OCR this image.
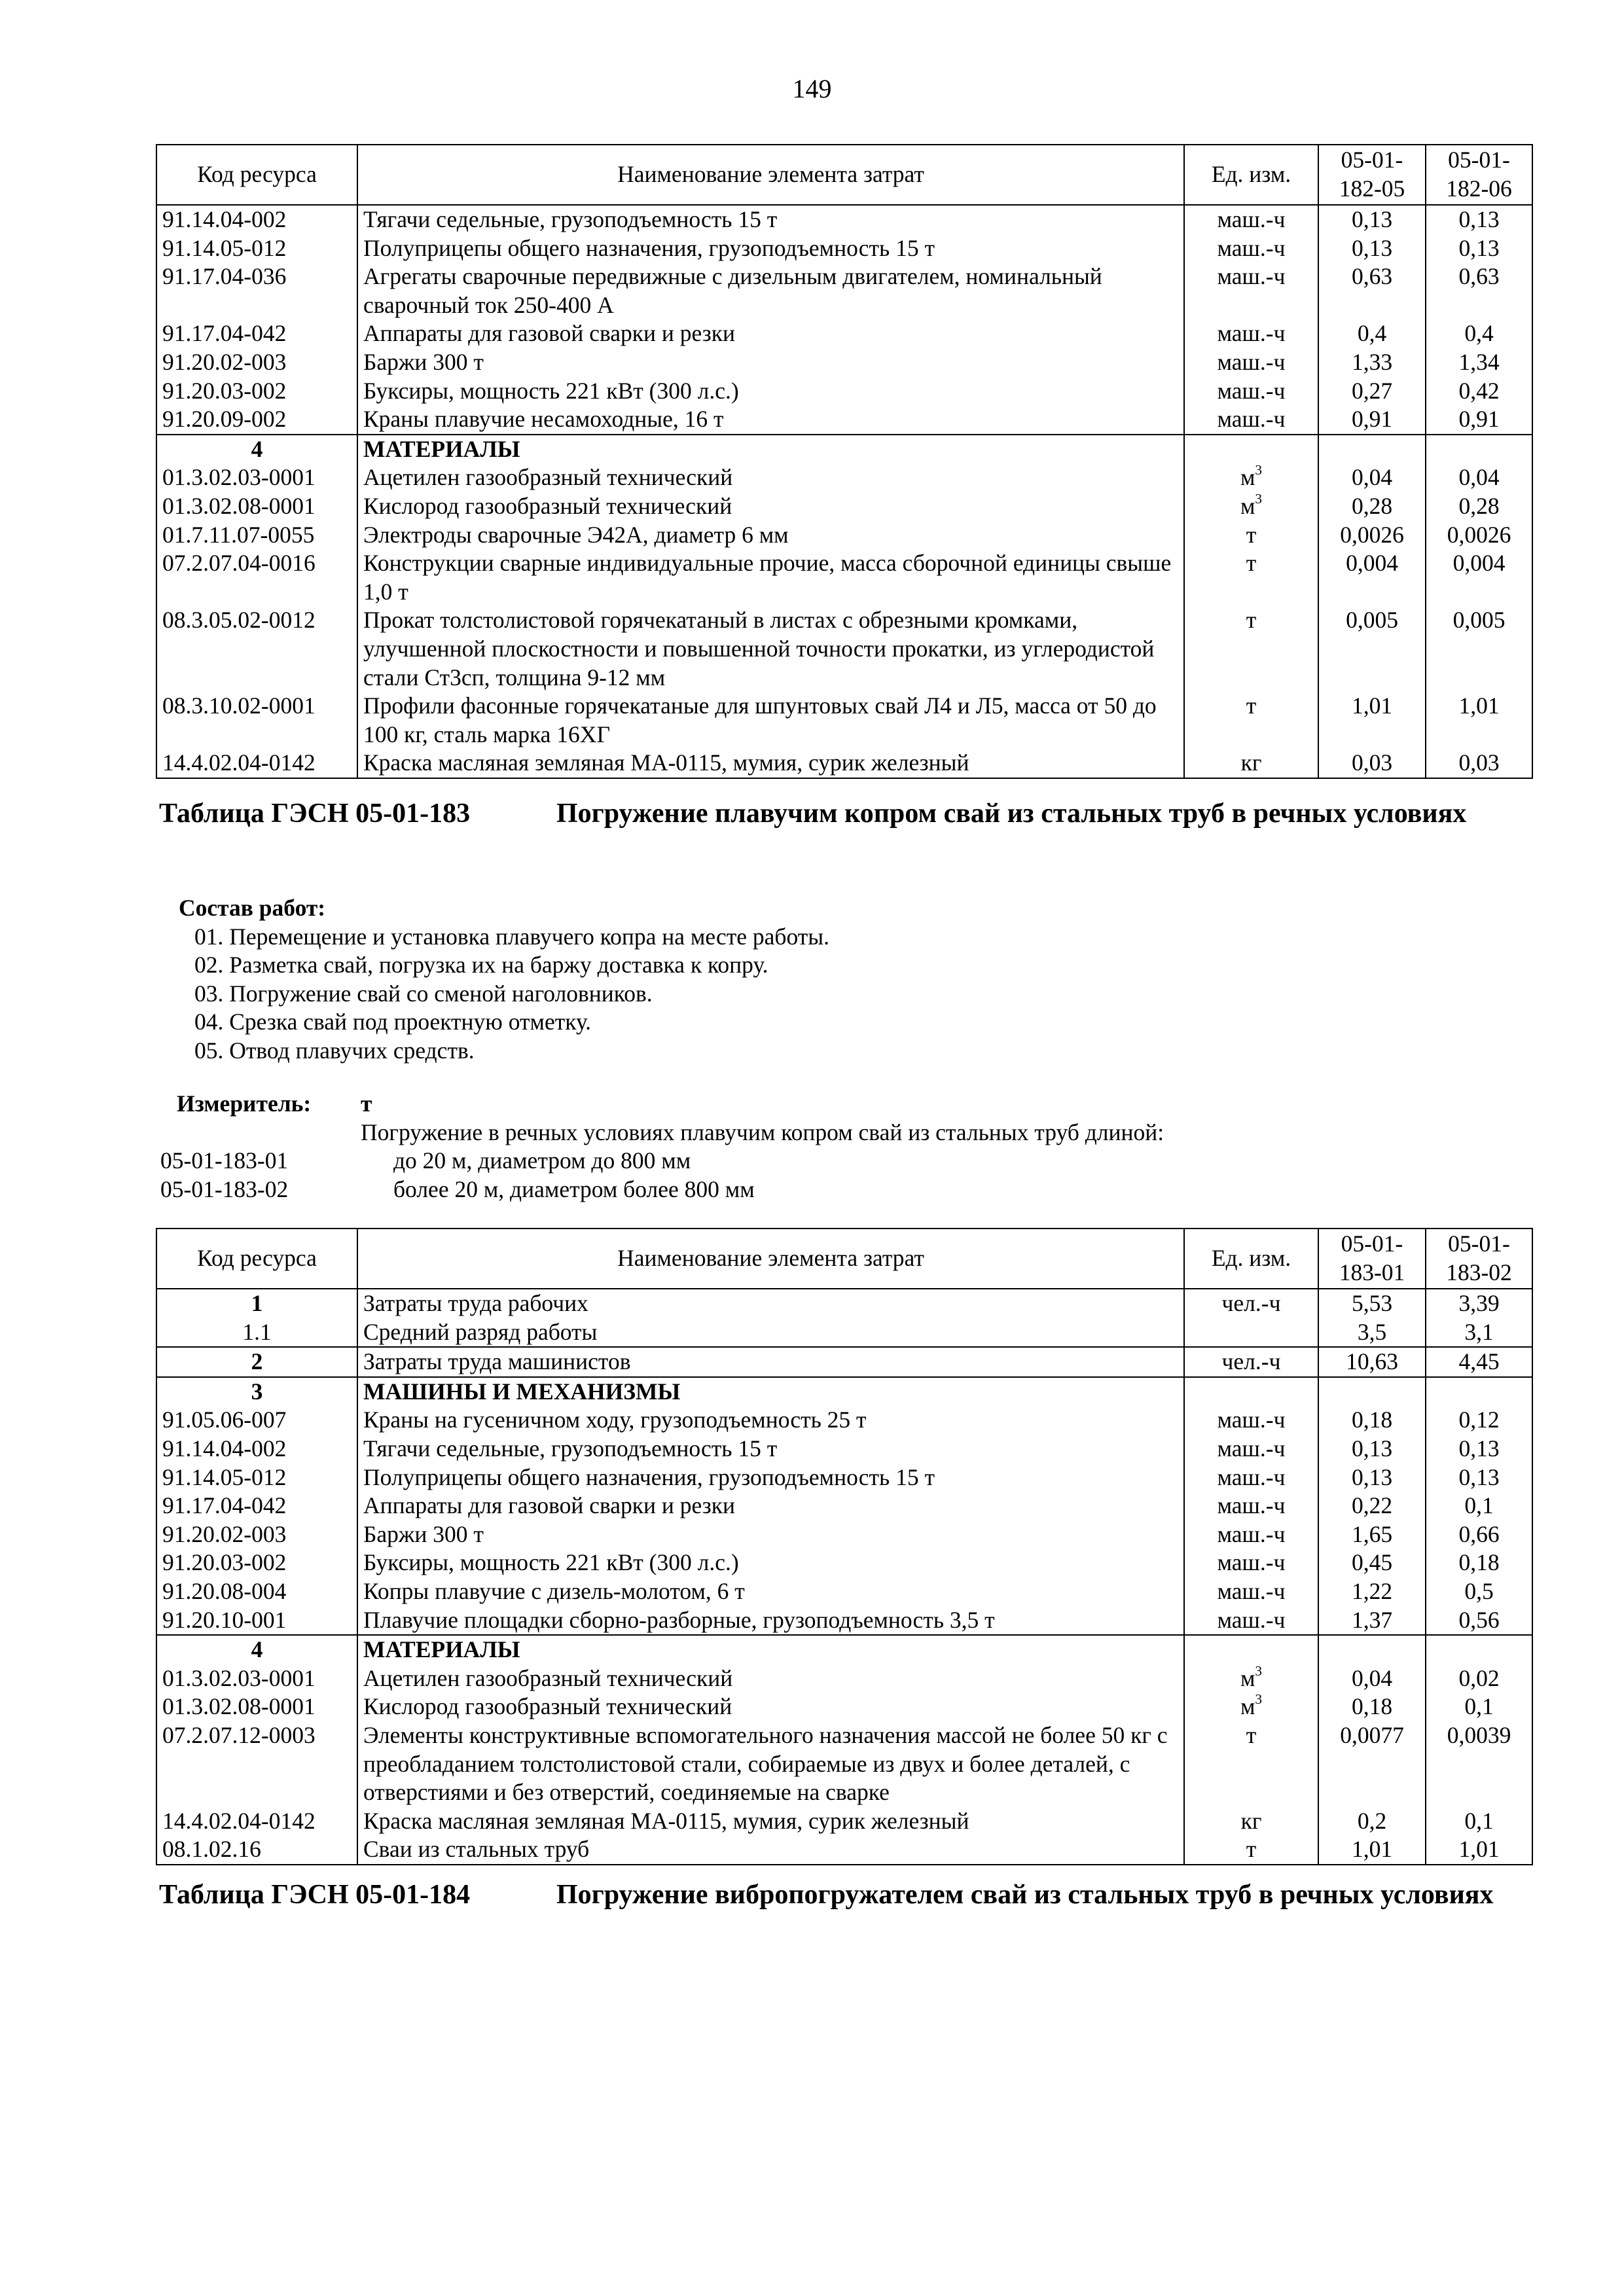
149
Код ресурса	Наименование элемента затрат	Ед. изм.	05-01-182-05	05-01-182-06
91.14.04-002	Тягачи седельные, грузоподъемность 15 т	маш.-ч	0,13	0,13
91.14.05-012	Полуприцепы общего назначения, грузоподъемность 15 т	маш.-ч	0,13	0,13
91.17.04-036	Агрегаты сварочные передвижные с дизельным двигателем, номинальный сварочный ток 250-400 А	маш.-ч	0,63	0,63
91.17.04-042	Аппараты для газовой сварки и резки	маш.-ч	0,4	0,4
91.20.02-003	Баржи 300 т	маш.-ч	1,33	1,34
91.20.03-002	Буксиры, мощность 221 кВт (300 л.с.)	маш.-ч	0,27	0,42
91.20.09-002	Краны плавучие несамоходные, 16 т	маш.-ч	0,91	0,91
4	МАТЕРИАЛЫ			
01.3.02.03-0001	Ацетилен газообразный технический	$м^3$	0,04	0,04
01.3.02.08-0001	Кислород газообразный технический	$м^3$	0,28	0,28
01.7.11.07-0055	Электроды сварочные Э42А, диаметр 6 мм	т	0,0026	0,0026
07.2.07.04-0016	Конструкции сварные индивидуальные прочие, масса сборочной единицы свыше 1,0 т	т	0,004	0,004
08.3.05.02-0012	Прокат толстолистовой горячекатаный в листах с обрезными кромками, улучшенной плоскостности и повышенной точности прокатки, из углеродистой стали Ст3сп, толщина 9-12 мм	т	0,005	0,005
08.3.10.02-0001	Профили фасонные горячекатаные для шпунтовых свай Л4 и Л5, масса от 50 до 100 кг, сталь марка 16ХГ	т	1,01	1,01
14.4.02.04-0142	Краска масляная земляная МА-0115, мумия, сурик железный	кг	0,03	0,03
Таблица ГЭСН 05-01-183	Погружение плавучим копром свай из стальных труб в речных условиях
Состав работ:
01. Перемещение и установка плавучего копра на месте работы.
02. Разметка свай, погрузка их на баржу доставка к копру.
03. Погружение свай со сменой наголовников.
04. Срезка свай под проектную отметку.
05. Отвод плавучих средств.
Измеритель: т
Погружение в речных условиях плавучим копром свай из стальных труб длиной:
05-01-183-01	до 20 м, диаметром до 800 мм
05-01-183-02	более 20 м, диаметром более 800 мм
Код ресурса	Наименование элемента затрат	Ед. изм.	05-01-183-01	05-01-183-02
1	Затраты труда рабочих	чел.-ч	5,53	3,39
1.1	Средний разряд работы		3,5	3,1
2	Затраты труда машинистов	чел.-ч	10,63	4,45
3	МАШИНЫ И МЕХАНИЗМЫ			
91.05.06-007	Краны на гусеничном ходу, грузоподъемность 25 т	маш.-ч	0,18	0,12
91.14.04-002	Тягачи седельные, грузоподъемность 15 т	маш.-ч	0,13	0,13
91.14.05-012	Полуприцепы общего назначения, грузоподъемность 15 т	маш.-ч	0,13	0,13
91.17.04-042	Аппараты для газовой сварки и резки	маш.-ч	0,22	0,1
91.20.02-003	Баржи 300 т	маш.-ч	1,65	0,66
91.20.03-002	Буксиры, мощность 221 кВт (300 л.с.)	маш.-ч	0,45	0,18
91.20.08-004	Копры плавучие с дизель-молотом, 6 т	маш.-ч	1,22	0,5
91.20.10-001	Плавучие площадки сборно-разборные, грузоподъемность 3,5 т	маш.-ч	1,37	0,56
4	МАТЕРИАЛЫ			
01.3.02.03-0001	Ацетилен газообразный технический	$м^3$	0,04	0,02
01.3.02.08-0001	Кислород газообразный технический	$м^3$	0,18	0,1
07.2.07.12-0003	Элементы конструктивные вспомогательного назначения массой не более 50 кг с преобладанием толстолистовой стали, собираемые из двух и более деталей, с отверстиями и без отверстий, соединяемые на сварке	т	0,0077	0,0039
14.4.02.04-0142	Краска масляная земляная МА-0115, мумия, сурик железный	кг	0,2	0,1
08.1.02.16	Сваи из стальных труб	т	1,01	1,01
Таблица ГЭСН 05-01-184	Погружение вибропогружателем свай из стальных труб в речных условиях
